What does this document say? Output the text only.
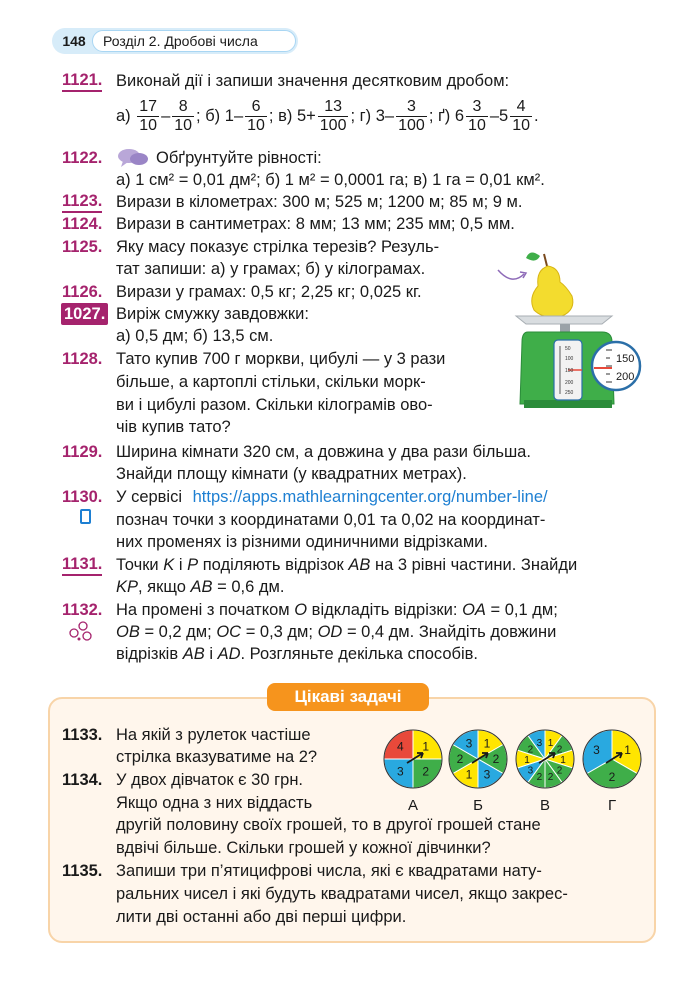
148	Розділ 2. Дробові числа
1121. Виконай дії і запиши значення десятковим дробом:
$а) \frac{17}{10} - \frac{8}{10}$ ; б) $1- \frac{6}{10}$ ; в) $5+ \frac{13}{100}$ ; г) $3- \frac{3}{100}$ ; ґ) $6 \frac{3}{10} -5 \frac{4}{10}$ .
1122.	Обґрунтуйте рівності:
а) 1 см² = 0,01 дм²; б) 1 м² = 0,0001 га; в) 1 га = 0,01 км².
1123. Вирази в кілометрах: 300 м; 525 м; 1200 м; 85 м; 9 м.
1124. Вирази в сантиметрах: 8 мм; 13 мм; 235 мм; 0,5 мм.
1125. Яку масу показує стрілка терезів? Резуль-
тат запиши: а) у грамах; б) у кілограмах.
1126. Вирази у грамах: 0,5 кг; 2,25 кг; 0,025 кг.
1027. Виріж смужку завдовжки:
а) 0,5 дм; б) 13,5 см.
1128. Тато купив 700 г моркви, цибулі — у 3 рази
більше, а картоплі стільки, скільки морк-
ви і цибулі разом. Скільки кілограмів ово-
чів купив тато?
50
100
150
200
250
150
200
1129. Ширина кімнати 320 см, а довжина у два рази більша.
Знайди площу кімнати (у квадратних метрах).
1130. У сервісі https://apps.mathlearningcenter.org/number-line/
познач точки з координатами 0,01 та 0,02 на координат-
них променях із різними одиничними відрізками.
1131. Точки K і P поділяють відрізок AB на 3 рівні частини. Знайди
KP, якщо AB = 0,6 дм.
1132. На промені з початком O відкладіть відрізки: OA = 0,1 дм;
OB = 0,2 дм; OC = 0,3 дм; OD = 0,4 дм. Знайдіть довжини
відрізків AB і AD. Розгляньте декілька способів.
Цікаві задачі
1133. На якій з рулеток частіше
стрілка вказуватиме на 2?
1134. У двох дівчаток є 30 грн.
Якщо одна з них віддасть
другій половину своїх грошей, то в другої грошей стане
вдвічі більше. Скільки грошей у кожної дівчинки?
1135. Запиши три п’ятицифрові числа, які є квадратами нату-
ральних чисел і які будуть квадратами чисел, якщо закрес-
лити дві останні або дві перші цифри.
1
2
3
4
А
1
2
3
1
2
3
Б
1
2
1
2
2
2
3
1
2
3
В
1
2
3
Г
